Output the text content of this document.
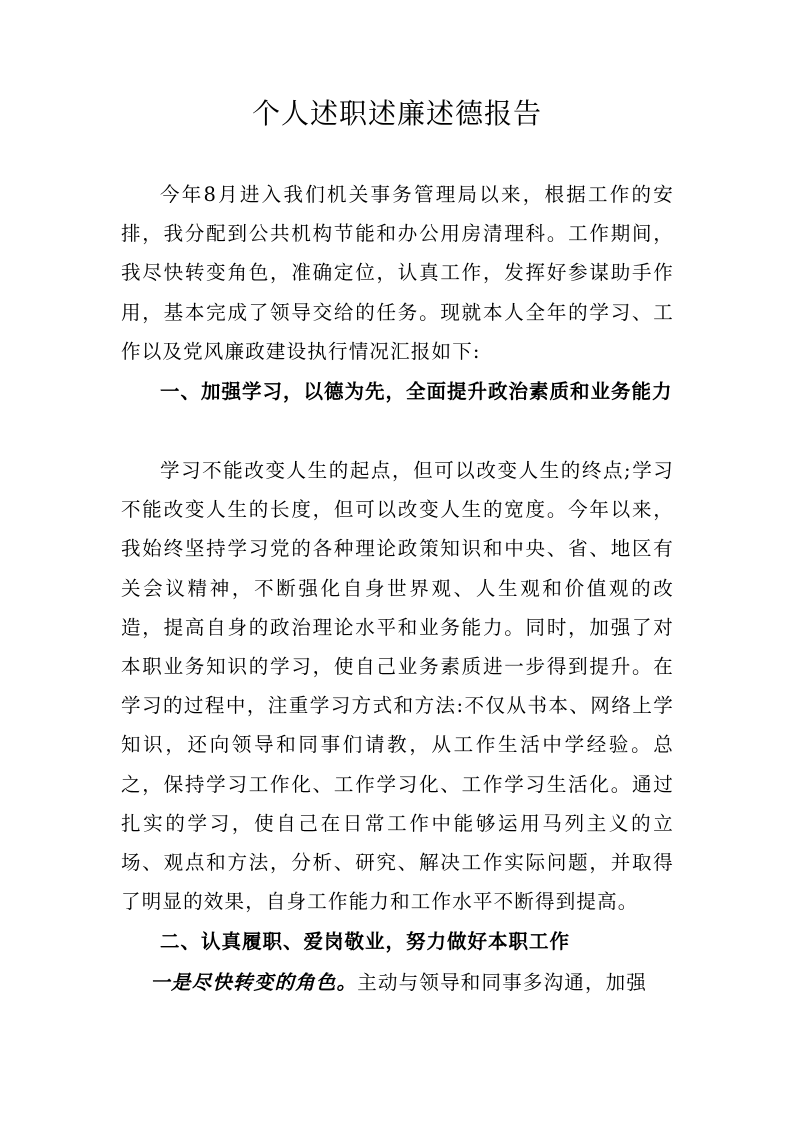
个人述职述廉述德报告

今年8月进入我们机关事务管理局以来，根据工作的安排，我分配到公共机构节能和办公用房清理科。工作期间，我尽快转变角色，准确定位，认真工作，发挥好参谋助手作用，基本完成了领导交给的任务。现就本人全年的学习、工作以及党风廉政建设执行情况汇报如下:

一、加强学习，以德为先，全面提升政治素质和业务能力

学习不能改变人生的起点，但可以改变人生的终点;学习不能改变人生的长度，但可以改变人生的宽度。今年以来，我始终坚持学习党的各种理论政策知识和中央、省、地区有关会议精神，不断强化自身世界观、人生观和价值观的改造，提高自身的政治理论水平和业务能力。同时，加强了对本职业务知识的学习，使自己业务素质进一步得到提升。在学习的过程中，注重学习方式和方法:不仅从书本、网络上学知识，还向领导和同事们请教，从工作生活中学经验。总之，保持学习工作化、工作学习化、工作学习生活化。通过扎实的学习，使自己在日常工作中能够运用马列主义的立场、观点和方法，分析、研究、解决工作实际问题，并取得了明显的效果，自身工作能力和工作水平不断得到提高。

二、认真履职、爱岗敬业，努力做好本职工作

一是尽快转变的角色。主动与领导和同事多沟通，加强
